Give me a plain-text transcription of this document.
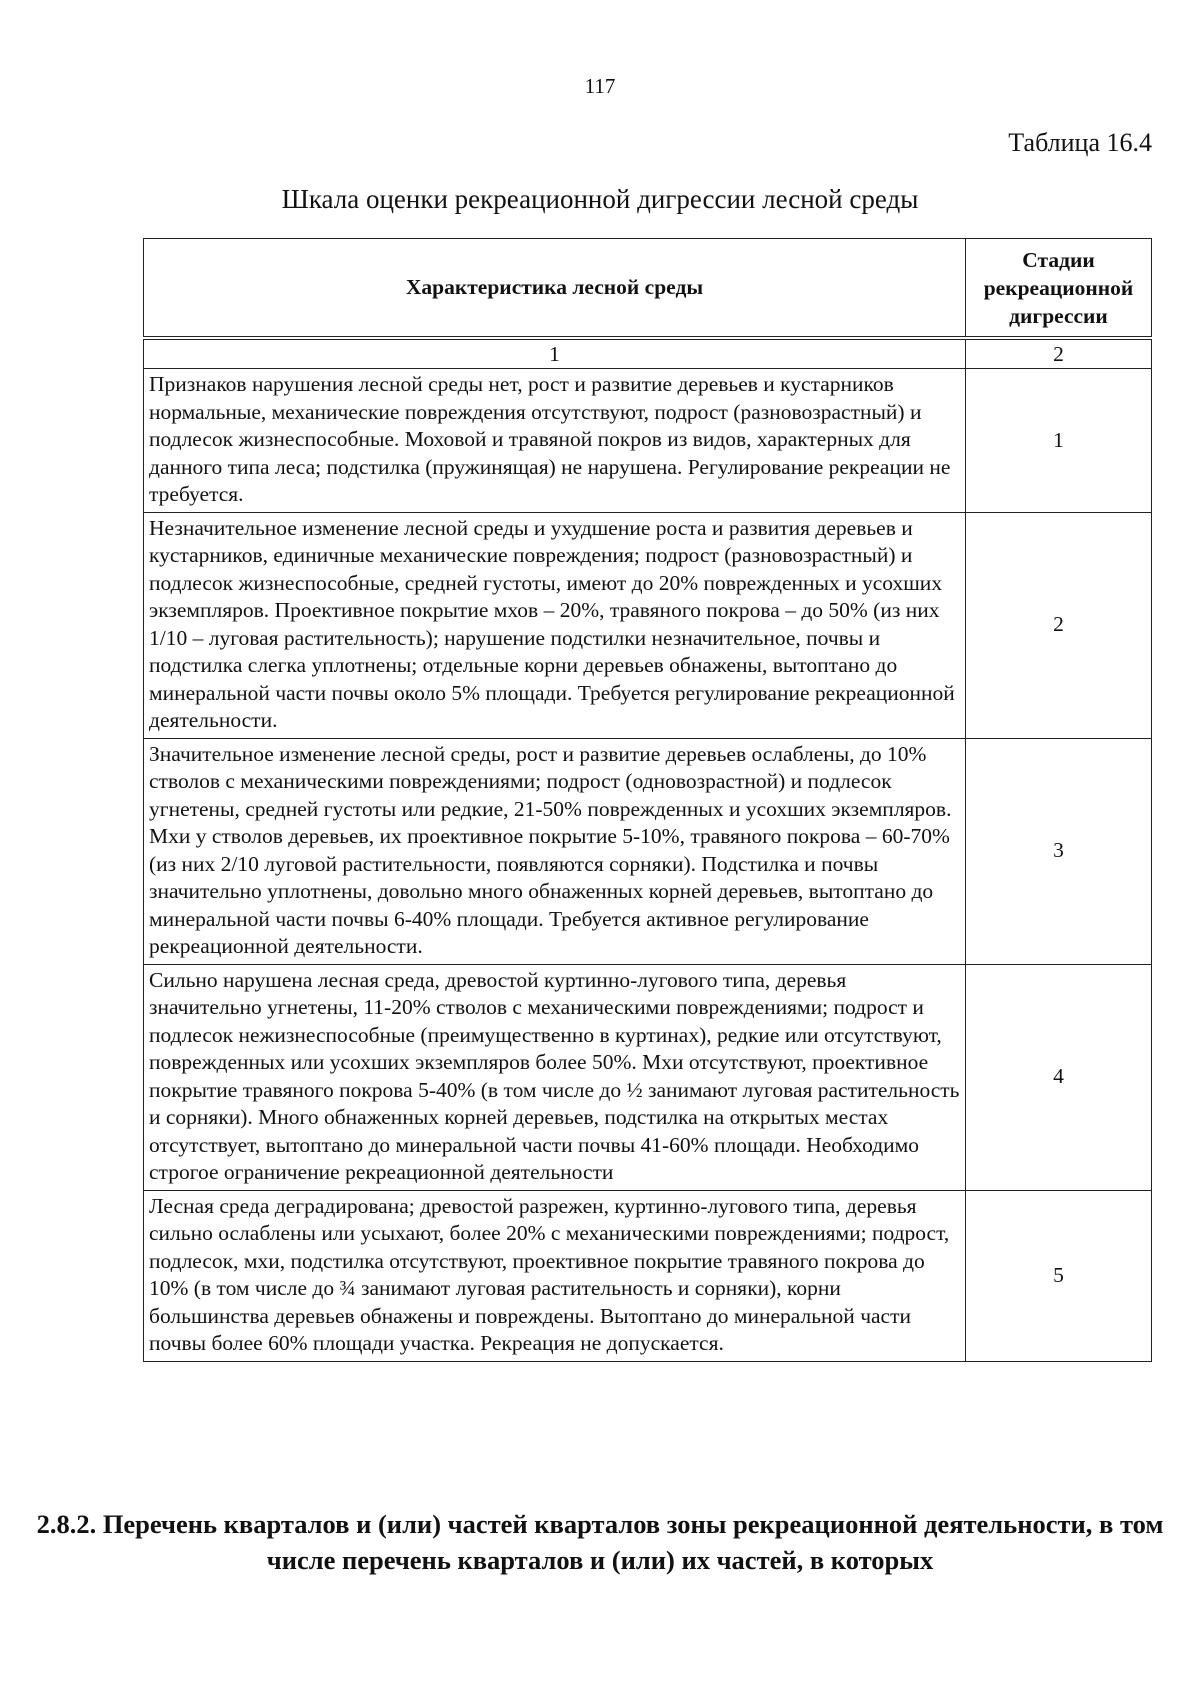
117
Таблица 16.4
Шкала оценки рекреационной дигрессии лесной среды
Характеристика лесной среды	Стадии рекреационной дигрессии
1	2
Признаков нарушения лесной среды нет, рост и развитие деревьев и кустарников нормальные, механические повреждения отсутствуют, подрост (разновозрастный) и подлесок жизнеспособные. Моховой и травяной покров из видов, характерных для данного типа леса; подстилка (пружинящая) не нарушена. Регулирование рекреации не требуется.	1
Незначительное изменение лесной среды и ухудшение роста и развития деревьев и кустарников, единичные механические повреждения; подрост (разновозрастный) и подлесок жизнеспособные, средней густоты, имеют до 20% поврежденных и усохших экземпляров. Проективное покрытие мхов – 20%, травяного покрова – до 50% (из них 1/10 – луговая растительность); нарушение подстилки незначительное, почвы и подстилка слегка уплотнены; отдельные корни деревьев обнажены, вытоптано до минеральной части почвы около 5% площади. Требуется регулирование рекреационной деятельности.	2
Значительное изменение лесной среды, рост и развитие деревьев ослаблены, до 10% стволов с механическими повреждениями; подрост (одновозрастной) и подлесок угнетены, средней густоты или редкие, 21-50% поврежденных и усохших экземпляров. Мхи у стволов деревьев, их проективное покрытие 5-10%, травяного покрова – 60-70% (из них 2/10 луговой растительности, появляются сорняки). Подстилка и почвы значительно уплотнены, довольно много обнаженных корней деревьев, вытоптано до минеральной части почвы 6-40% площади. Требуется активное регулирование рекреационной деятельности.	3
Сильно нарушена лесная среда, древостой куртинно-лугового типа, деревья значительно угнетены, 11-20% стволов с механическими повреждениями; подрост и подлесок нежизнеспособные (преимущественно в куртинах), редкие или отсутствуют, поврежденных или усохших экземпляров более 50%. Мхи отсутствуют, проективное покрытие травяного покрова 5-40% (в том числе до ½ занимают луговая растительность и сорняки). Много обнаженных корней деревьев, подстилка на открытых местах отсутствует, вытоптано до минеральной части почвы 41-60% площади. Необходимо строгое ограничение рекреационной деятельности	4
Лесная среда деградирована; древостой разрежен, куртинно-лугового типа, деревья сильно ослаблены или усыхают, более 20% с механическими повреждениями; подрост, подлесок, мхи, подстилка отсутствуют, проективное покрытие травяного покрова до 10% (в том числе до ¾ занимают луговая растительность и сорняки), корни большинства деревьев обнажены и повреждены. Вытоптано до минеральной части почвы более 60% площади участка. Рекреация не допускается.	5
2.8.2. Перечень кварталов и (или) частей кварталов зоны рекреационной деятельности, в том числе перечень кварталов и (или) их частей, в которых
